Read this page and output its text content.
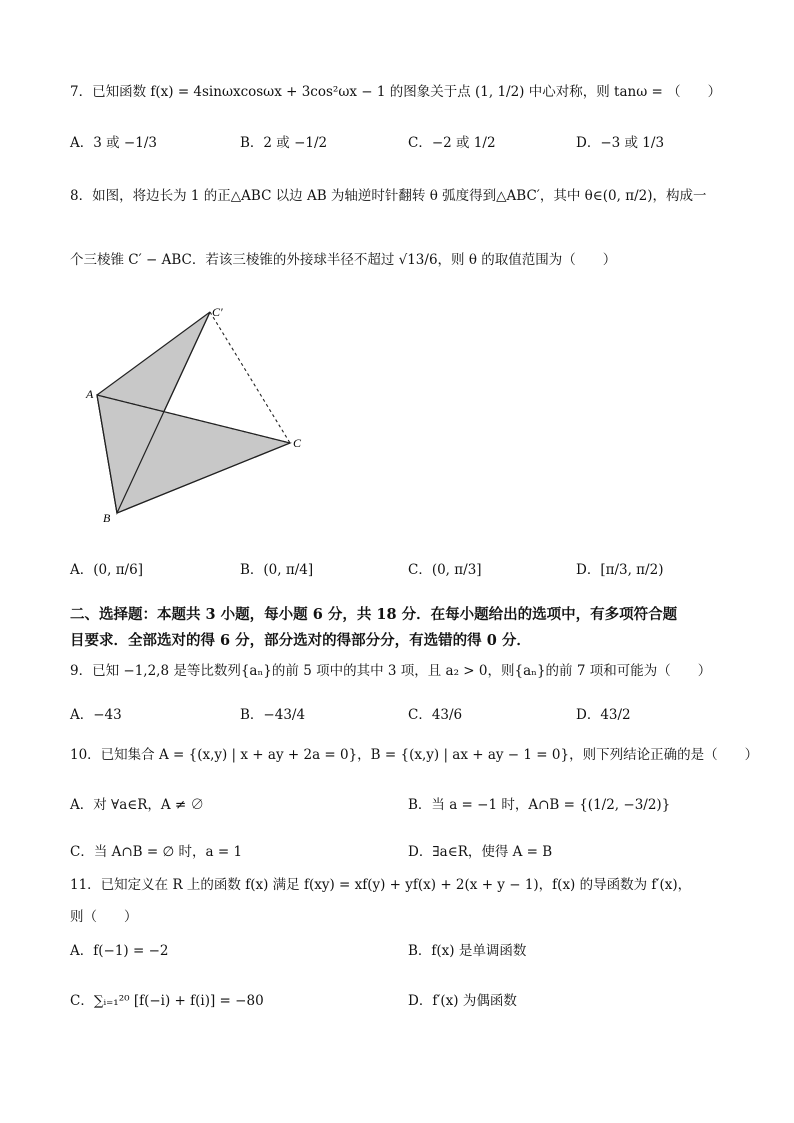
7．已知函数 f(x) = 4sinωxcosωx + 3cos²ωx − 1 的图象关于点 (1, 1/2) 中心对称，则 tanω = （　　）
A．3 或 −1/3	B．2 或 −1/2	C．−2 或 1/2	D．−3 或 1/3
8．如图，将边长为 1 的正△ABC 以边 AB 为轴逆时针翻转 θ 弧度得到△ABC′，其中 θ∈(0, π/2)，构成一
个三棱锥 C′ − ABC．若该三棱锥的外接球半径不超过 √13/6，则 θ 的取值范围为（　　）
C′
A
C
B
A．(0, π/6]	B．(0, π/4]	C．(0, π/3]	D．[π/3, π/2)
二、选择题：本题共 3 小题，每小题 6 分，共 18 分．在每小题给出的选项中，有多项符合题
目要求．全部选对的得 6 分，部分选对的得部分分，有选错的得 0 分．
9．已知 −1,2,8 是等比数列{aₙ}的前 5 项中的其中 3 项，且 a₂ > 0，则{aₙ}的前 7 项和可能为（　　）
A．−43	B．−43/4	C．43/6	D．43/2
10．已知集合 A = {(x,y) | x + ay + 2a = 0}，B = {(x,y) | ax + ay − 1 = 0}，则下列结论正确的是（　　）
A．对 ∀a∈R，A ≠ ∅	B．当 a = −1 时，A∩B = {(1/2, −3/2)}
C．当 A∩B = ∅ 时，a = 1	D．∃a∈R，使得 A = B
11．已知定义在 R 上的函数 f(x) 满足 f(xy) = xf(y) + yf(x) + 2(x + y − 1)，f(x) 的导函数为 f′(x)，
则（　　）
A．f(−1) = −2	B．f(x) 是单调函数
C．∑ᵢ₌₁²⁰ [f(−i) + f(i)] = −80	D．f′(x) 为偶函数
